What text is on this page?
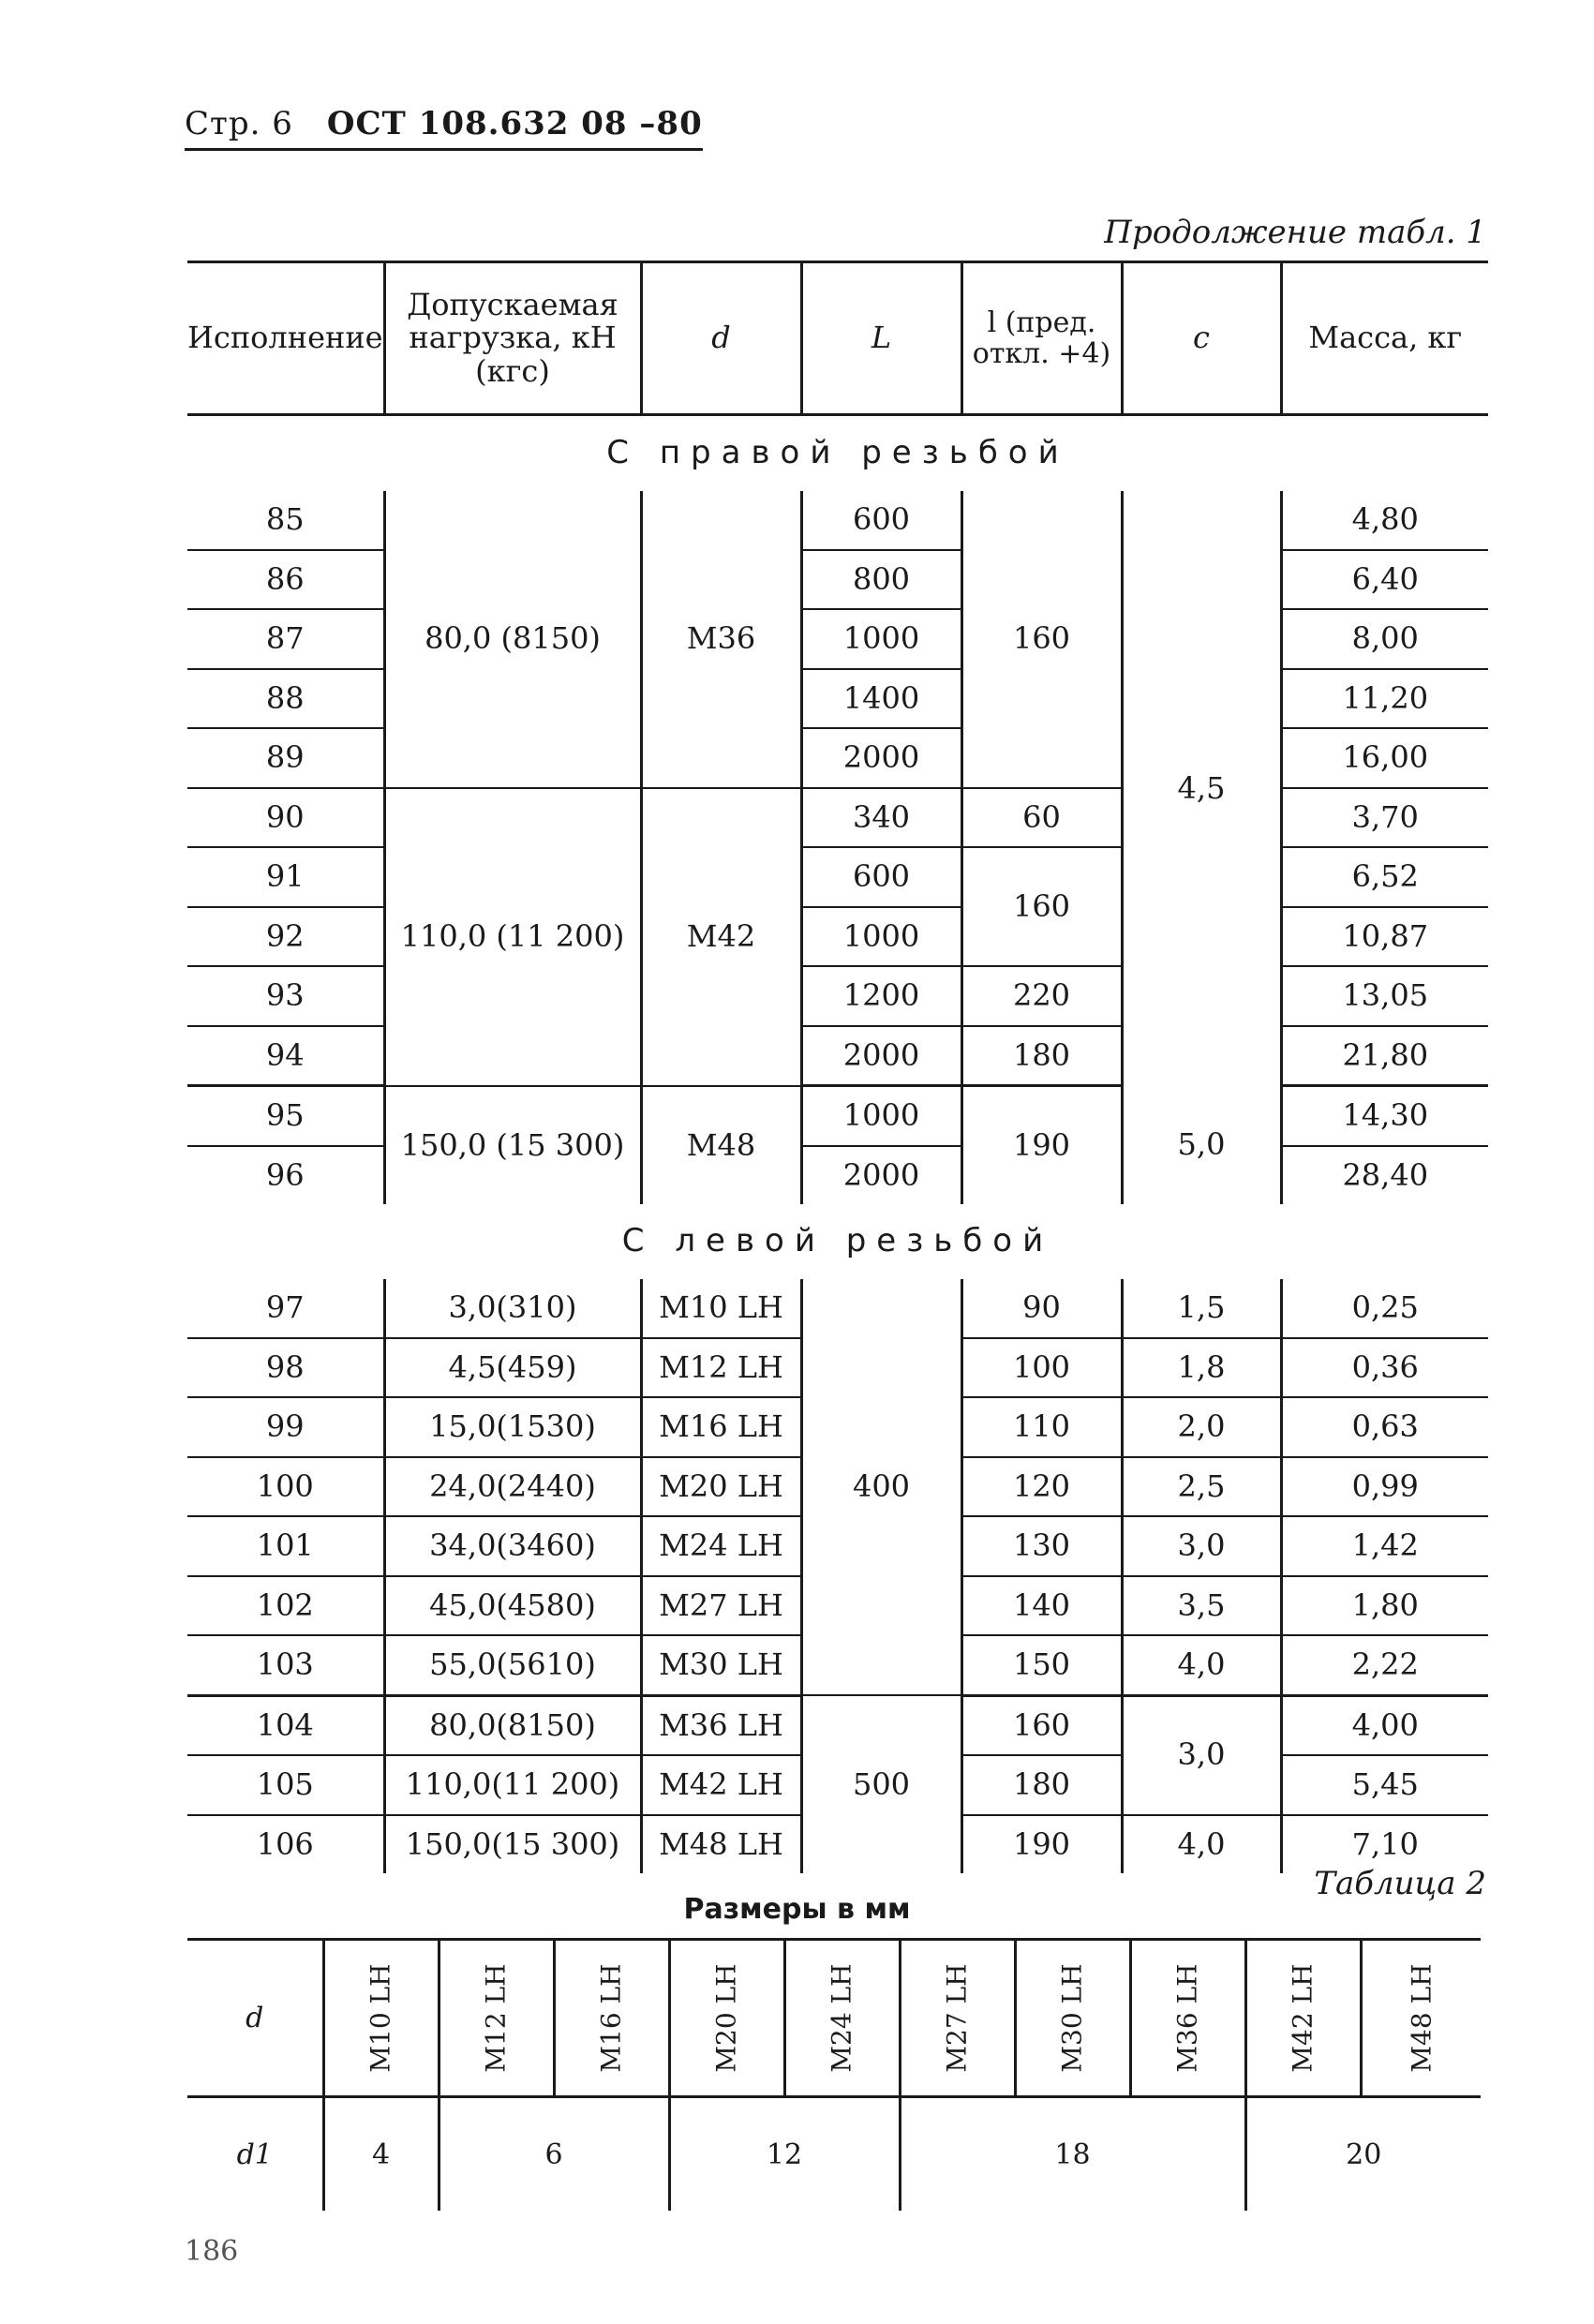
Стр. 6 ОСТ 108.632 08 –80
Продолжение табл. 1
Исполнение	Допускаемая нагрузка, кН (кгс)	d	L	l (пред. откл. +4)	c	Масса, кг
С правой резьбой						
85	80,0 (8150)	M36	600	160	4,5	4,80
86			800			6,40
87			1000			8,00
88			1400			11,20
89			2000			16,00
90	110,0 (11 200)	M42	340	60		3,70
91			600	160		6,52
92			1000			10,87
93			1200	220		13,05
94			2000	180		21,80
95	150,0 (15 300)	M48	1000	190	5,0	14,30
96			2000			28,40
С левой резьбой						
97	3,0(310)	M10 LH	400	90	1,5	0,25
98	4,5(459)	M12 LH		100	1,8	0,36
99	15,0(1530)	M16 LH		110	2,0	0,63
100	24,0(2440)	M20 LH		120	2,5	0,99
101	34,0(3460)	M24 LH		130	3,0	1,42
102	45,0(4580)	M27 LH		140	3,5	1,80
103	55,0(5610)	M30 LH		150	4,0	2,22
104	80,0(8150)	M36 LH	500	160	3,0	4,00
105	110,0(11 200)	M42 LH		180		5,45
106	150,0(15 300)	M48 LH		190	4,0	7,10
Таблица 2
Размеры в мм
d	M10 LH	M12 LH	M16 LH	M20 LH	M24 LH	M27 LH	M30 LH	M36 LH	M42 LH	M48 LH
d1	4	6		12		18			20	
186
